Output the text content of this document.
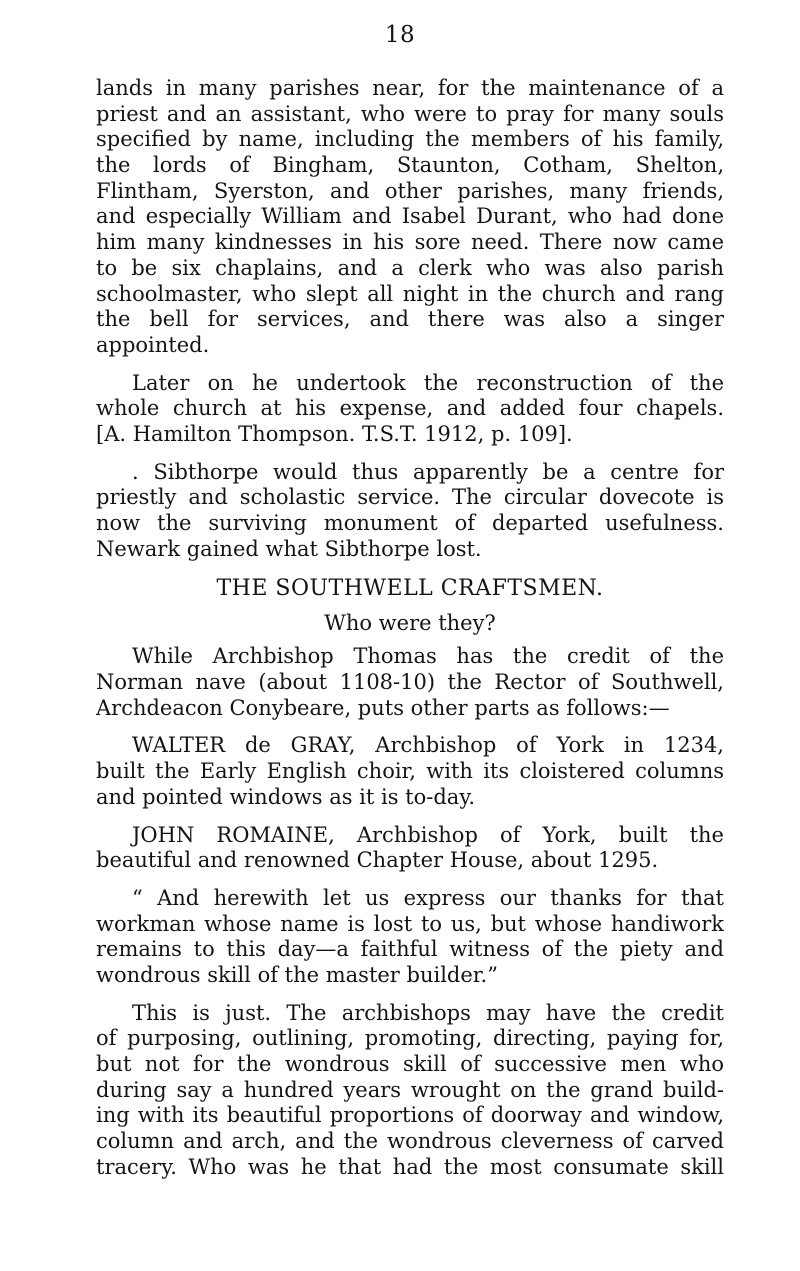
18
lands in many parishes near, for the maintenance of a
priest and an assistant, who were to pray for many souls
specified by name, including the members of his family,
the lords of Bingham, Staunton, Cotham, Shelton,
Flintham, Syerston, and other parishes, many friends,
and especially William and Isabel Durant, who had done
him many kindnesses in his sore need. There now came
to be six chaplains, and a clerk who was also parish
schoolmaster, who slept all night in the church and rang
the bell for services, and there was also a singer
appointed.
Later on he undertook the reconstruction of the
whole church at his expense, and added four chapels.
[A. Hamilton Thompson. T.S.T. 1912, p. 109].
. Sibthorpe would thus apparently be a centre for
priestly and scholastic service. The circular dovecote is
now the surviving monument of departed usefulness.
Newark gained what Sibthorpe lost.
THE SOUTHWELL CRAFTSMEN.
Who were they?
While Archbishop Thomas has the credit of the
Norman nave (about 1108-10) the Rector of Southwell,
Archdeacon Conybeare, puts other parts as follows:—
WALTER de GRAY, Archbishop of York in 1234,
built the Early English choir, with its cloistered columns
and pointed windows as it is to-day.
JOHN ROMAINE, Archbishop of York, built the
beautiful and renowned Chapter House, about 1295.
“ And herewith let us express our thanks for that
workman whose name is lost to us, but whose handiwork
remains to this day—a faithful witness of the piety and
wondrous skill of the master builder.”
This is just. The archbishops may have the credit
of purposing, outlining, promoting, directing, paying for,
but not for the wondrous skill of successive men who
during say a hundred years wrought on the grand build-
ing with its beautiful proportions of doorway and window,
column and arch, and the wondrous cleverness of carved
tracery. Who was he that had the most consumate skill
